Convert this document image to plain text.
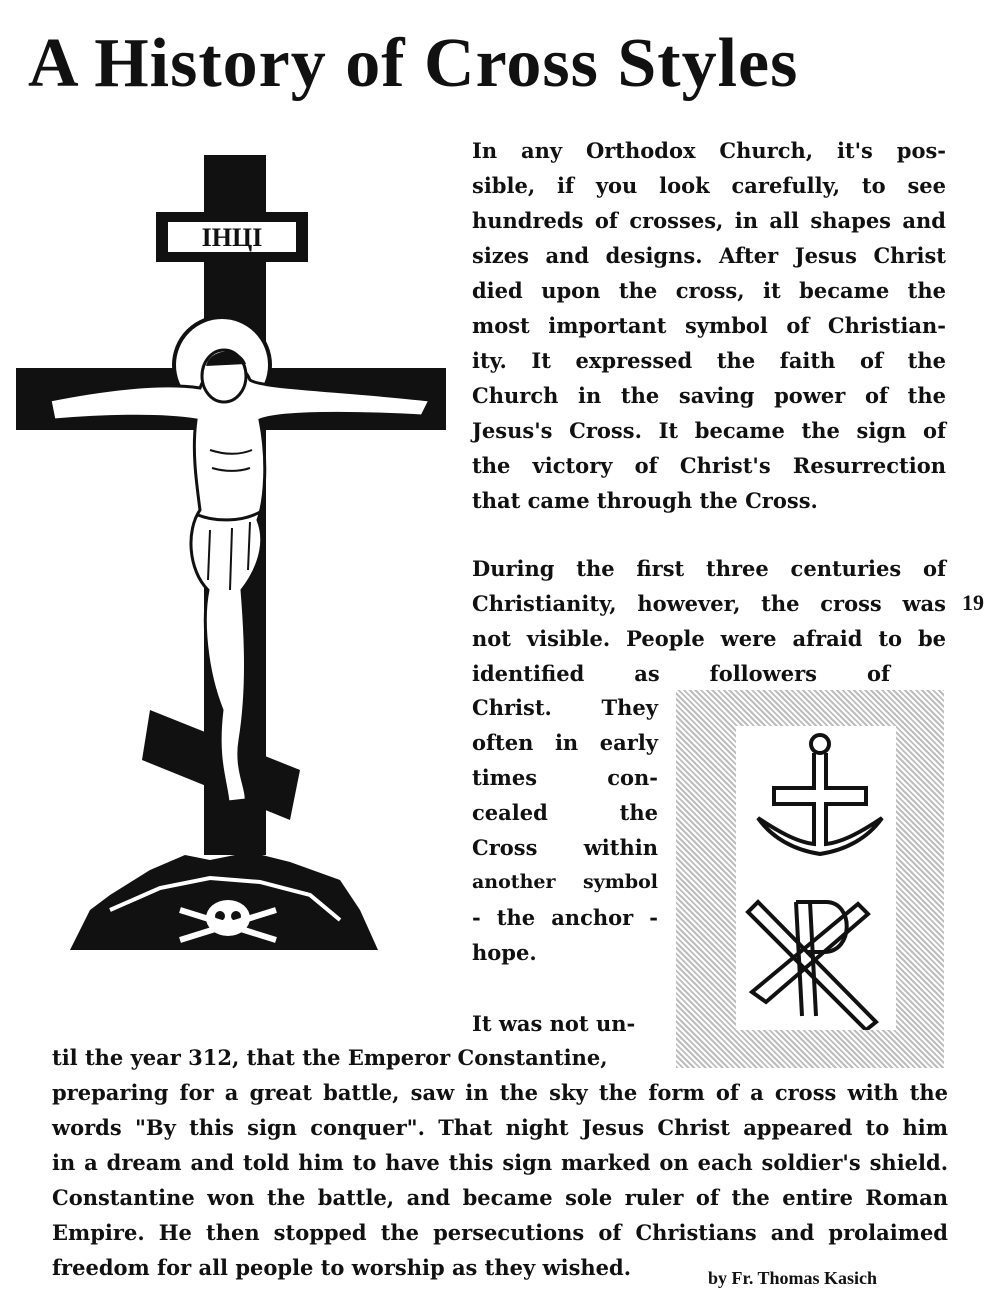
A History of Cross Styles
IHЦI
In any Orthodox Church, it's pos-
sible, if you look carefully, to see
hundreds of crosses, in all shapes and
sizes and designs. After Jesus Christ
died upon the cross, it became the
most important symbol of Christian-
ity. It expressed the faith of the
Church in the saving power of the
Jesus's Cross. It became the sign of
the victory of Christ's Resurrection
that came through the Cross.
19
During the first three centuries of
Christianity, however, the cross was
not visible. People were afraid to be
identified as followers of
Christ. They
often in early
times con-
cealed the
Cross within
another symbol
- the anchor -
hope.
It was not un-
til the year 312, that the Emperor Constantine,
preparing for a great battle, saw in the sky the form of a cross with the
words "By this sign conquer". That night Jesus Christ appeared to him
in a dream and told him to have this sign marked on each soldier's shield.
Constantine won the battle, and became sole ruler of the entire Roman
Empire. He then stopped the persecutions of Christians and prolaimed
freedom for all people to worship as they wished.	by Fr. Thomas Kasich
